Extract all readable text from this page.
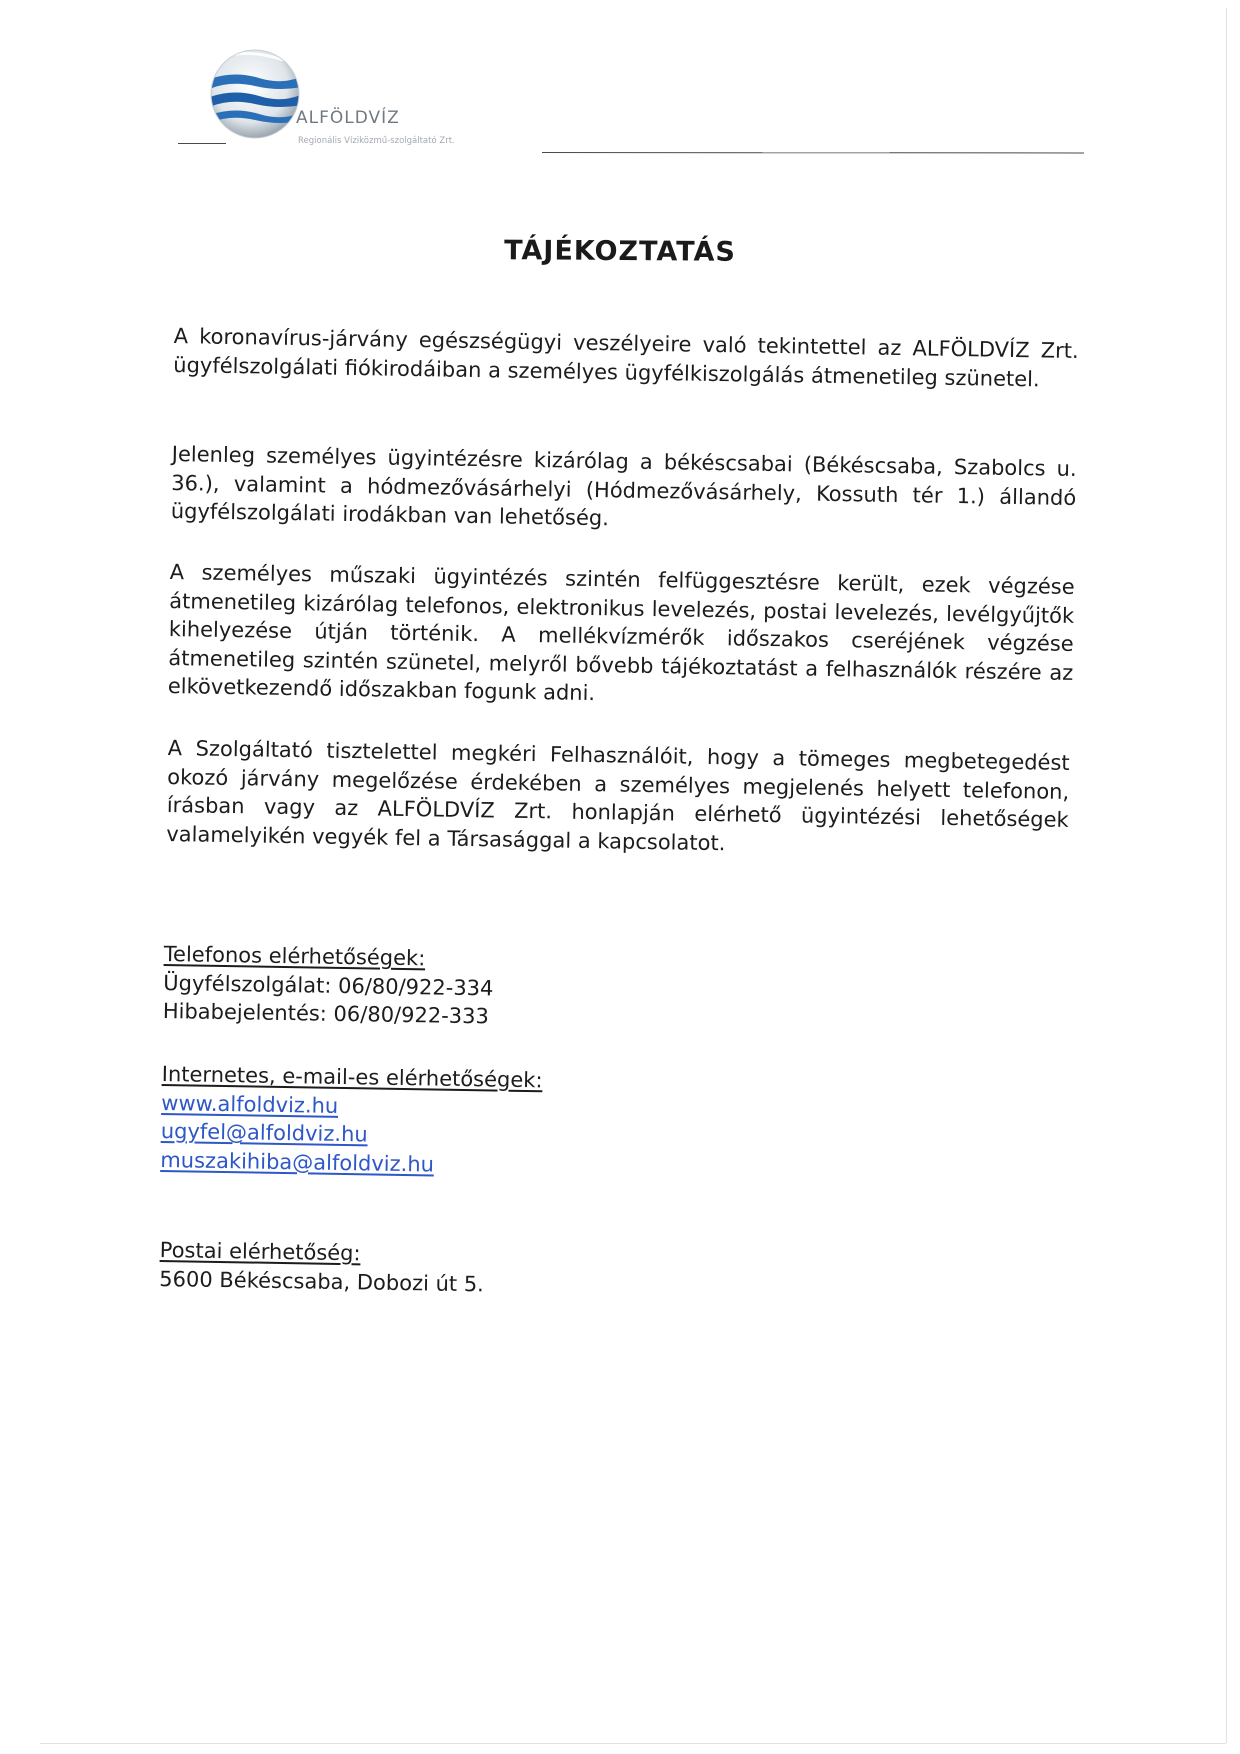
ALFÖLDVÍZ
Regionális Víziközmű-szolgáltató Zrt.
TÁJÉKOZTATÁS
A koronavírus-járvány egészségügyi veszélyeire való tekintettel az ALFÖLDVÍZ Zrt. ügyfélszolgálati fiókirodáiban a személyes ügyfélkiszolgálás átmenetileg szünetel.
Jelenleg személyes ügyintézésre kizárólag a békéscsabai (Békéscsaba, Szabolcs u. 36.), valamint a hódmezővásárhelyi (Hódmezővásárhely, Kossuth tér 1.) állandó ügyfélszolgálati irodákban van lehetőség.
A személyes műszaki ügyintézés szintén felfüggesztésre került, ezek végzése átmenetileg kizárólag telefonos, elektronikus levelezés, postai levelezés, levélgyűjtők kihelyezése útján történik. A mellékvízmérők időszakos cseréjének végzése átmenetileg szintén szünetel, melyről bővebb tájékoztatást a felhasználók részére az elkövetkezendő időszakban fogunk adni.
A Szolgáltató tisztelettel megkéri Felhasználóit, hogy a tömeges megbetegedést okozó járvány megelőzése érdekében a személyes megjelenés helyett telefonon, írásban vagy az ALFÖLDVÍZ Zrt. honlapján elérhető ügyintézési lehetőségek valamelyikén vegyék fel a Társasággal a kapcsolatot.
Telefonos elérhetőségek:
Ügyfélszolgálat: 06/80/922-334
Hibabejelentés: 06/80/922-333
Internetes, e-mail-es elérhetőségek:
www.alfoldviz.hu
ugyfel@alfoldviz.hu
muszakihiba@alfoldviz.hu
Postai elérhetőség:
5600 Békéscsaba, Dobozi út 5.
